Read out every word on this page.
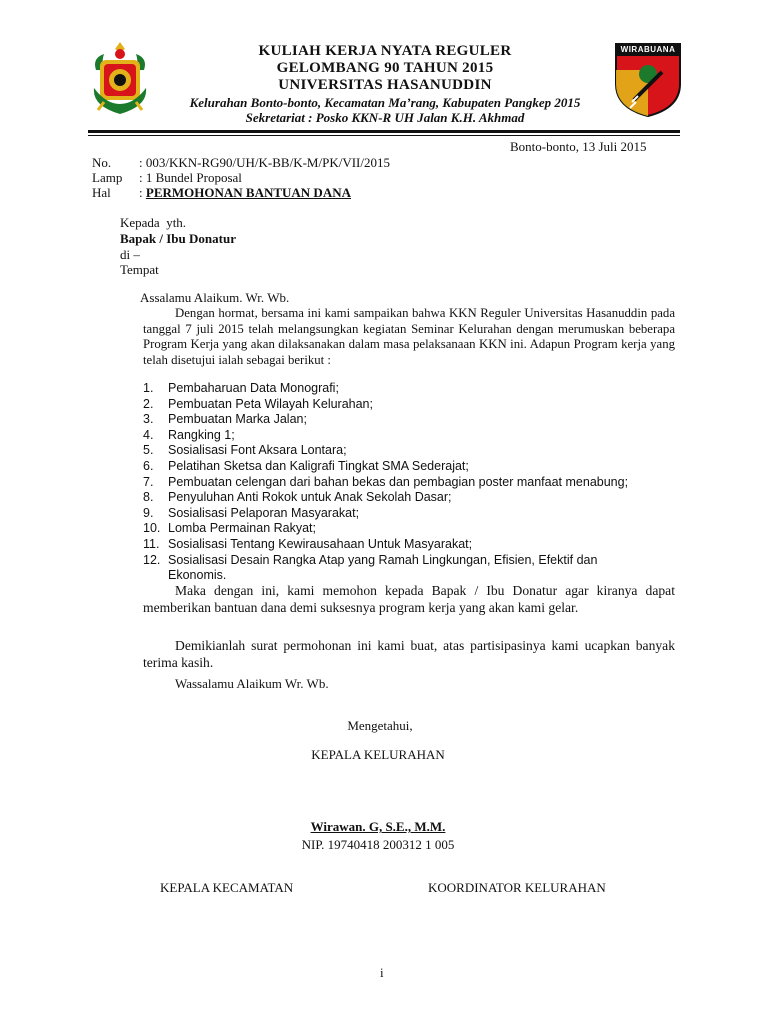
WIRABUANA
KULIAH KERJA NYATA REGULER
GELOMBANG 90 TAHUN 2015
UNIVERSITAS HASANUDDIN
Kelurahan Bonto-bonto, Kecamatan Ma’rang, Kabupaten Pangkep 2015
Sekretariat : Posko KKN-R UH Jalan K.H. Akhmad
Bonto-bonto, 13 Juli 2015
No. : 003/KKN-RG90/UH/K-BB/K-M/PK/VII/2015
Lamp : 1 Bundel Proposal
Hal : PERMOHONAN BANTUAN DANA
Kepada  yth.
Bapak / Ibu Donatur
di –
Tempat
Assalamu Alaikum. Wr. Wb.
Dengan hormat, bersama ini kami sampaikan bahwa KKN Reguler Universitas Hasanuddin pada tanggal 7 juli 2015 telah melangsungkan kegiatan Seminar Kelurahan dengan merumuskan beberapa Program Kerja yang akan dilaksanakan dalam masa pelaksanaan KKN ini. Adapun Program kerja yang telah disetujui ialah sebagai berikut :
1. Pembaharuan Data Monografi;
2. Pembuatan Peta Wilayah Kelurahan;
3. Pembuatan Marka Jalan;
4. Rangking 1;
5. Sosialisasi Font Aksara Lontara;
6. Pelatihan Sketsa dan Kaligrafi Tingkat SMA Sederajat;
7. Pembuatan celengan dari bahan bekas dan pembagian poster manfaat menabung;
8. Penyuluhan Anti Rokok untuk Anak Sekolah Dasar;
9. Sosialisasi Pelaporan Masyarakat;
10. Lomba Permainan Rakyat;
11. Sosialisasi Tentang Kewirausahaan Untuk Masyarakat;
12. Sosialisasi Desain Rangka Atap yang Ramah Lingkungan, Efisien, Efektif dan
Ekonomis.
Maka dengan ini, kami memohon kepada Bapak / Ibu Donatur agar kiranya dapat memberikan bantuan dana demi suksesnya program kerja yang akan kami gelar.
Demikianlah surat permohonan ini kami buat, atas partisipasinya kami ucapkan banyak terima kasih.
Wassalamu Alaikum Wr. Wb.
Mengetahui,
KEPALA KELURAHAN
Wirawan. G, S.E., M.M.
NIP. 19740418 200312 1 005
KEPALA KECAMATAN	KOORDINATOR KELURAHAN
i
